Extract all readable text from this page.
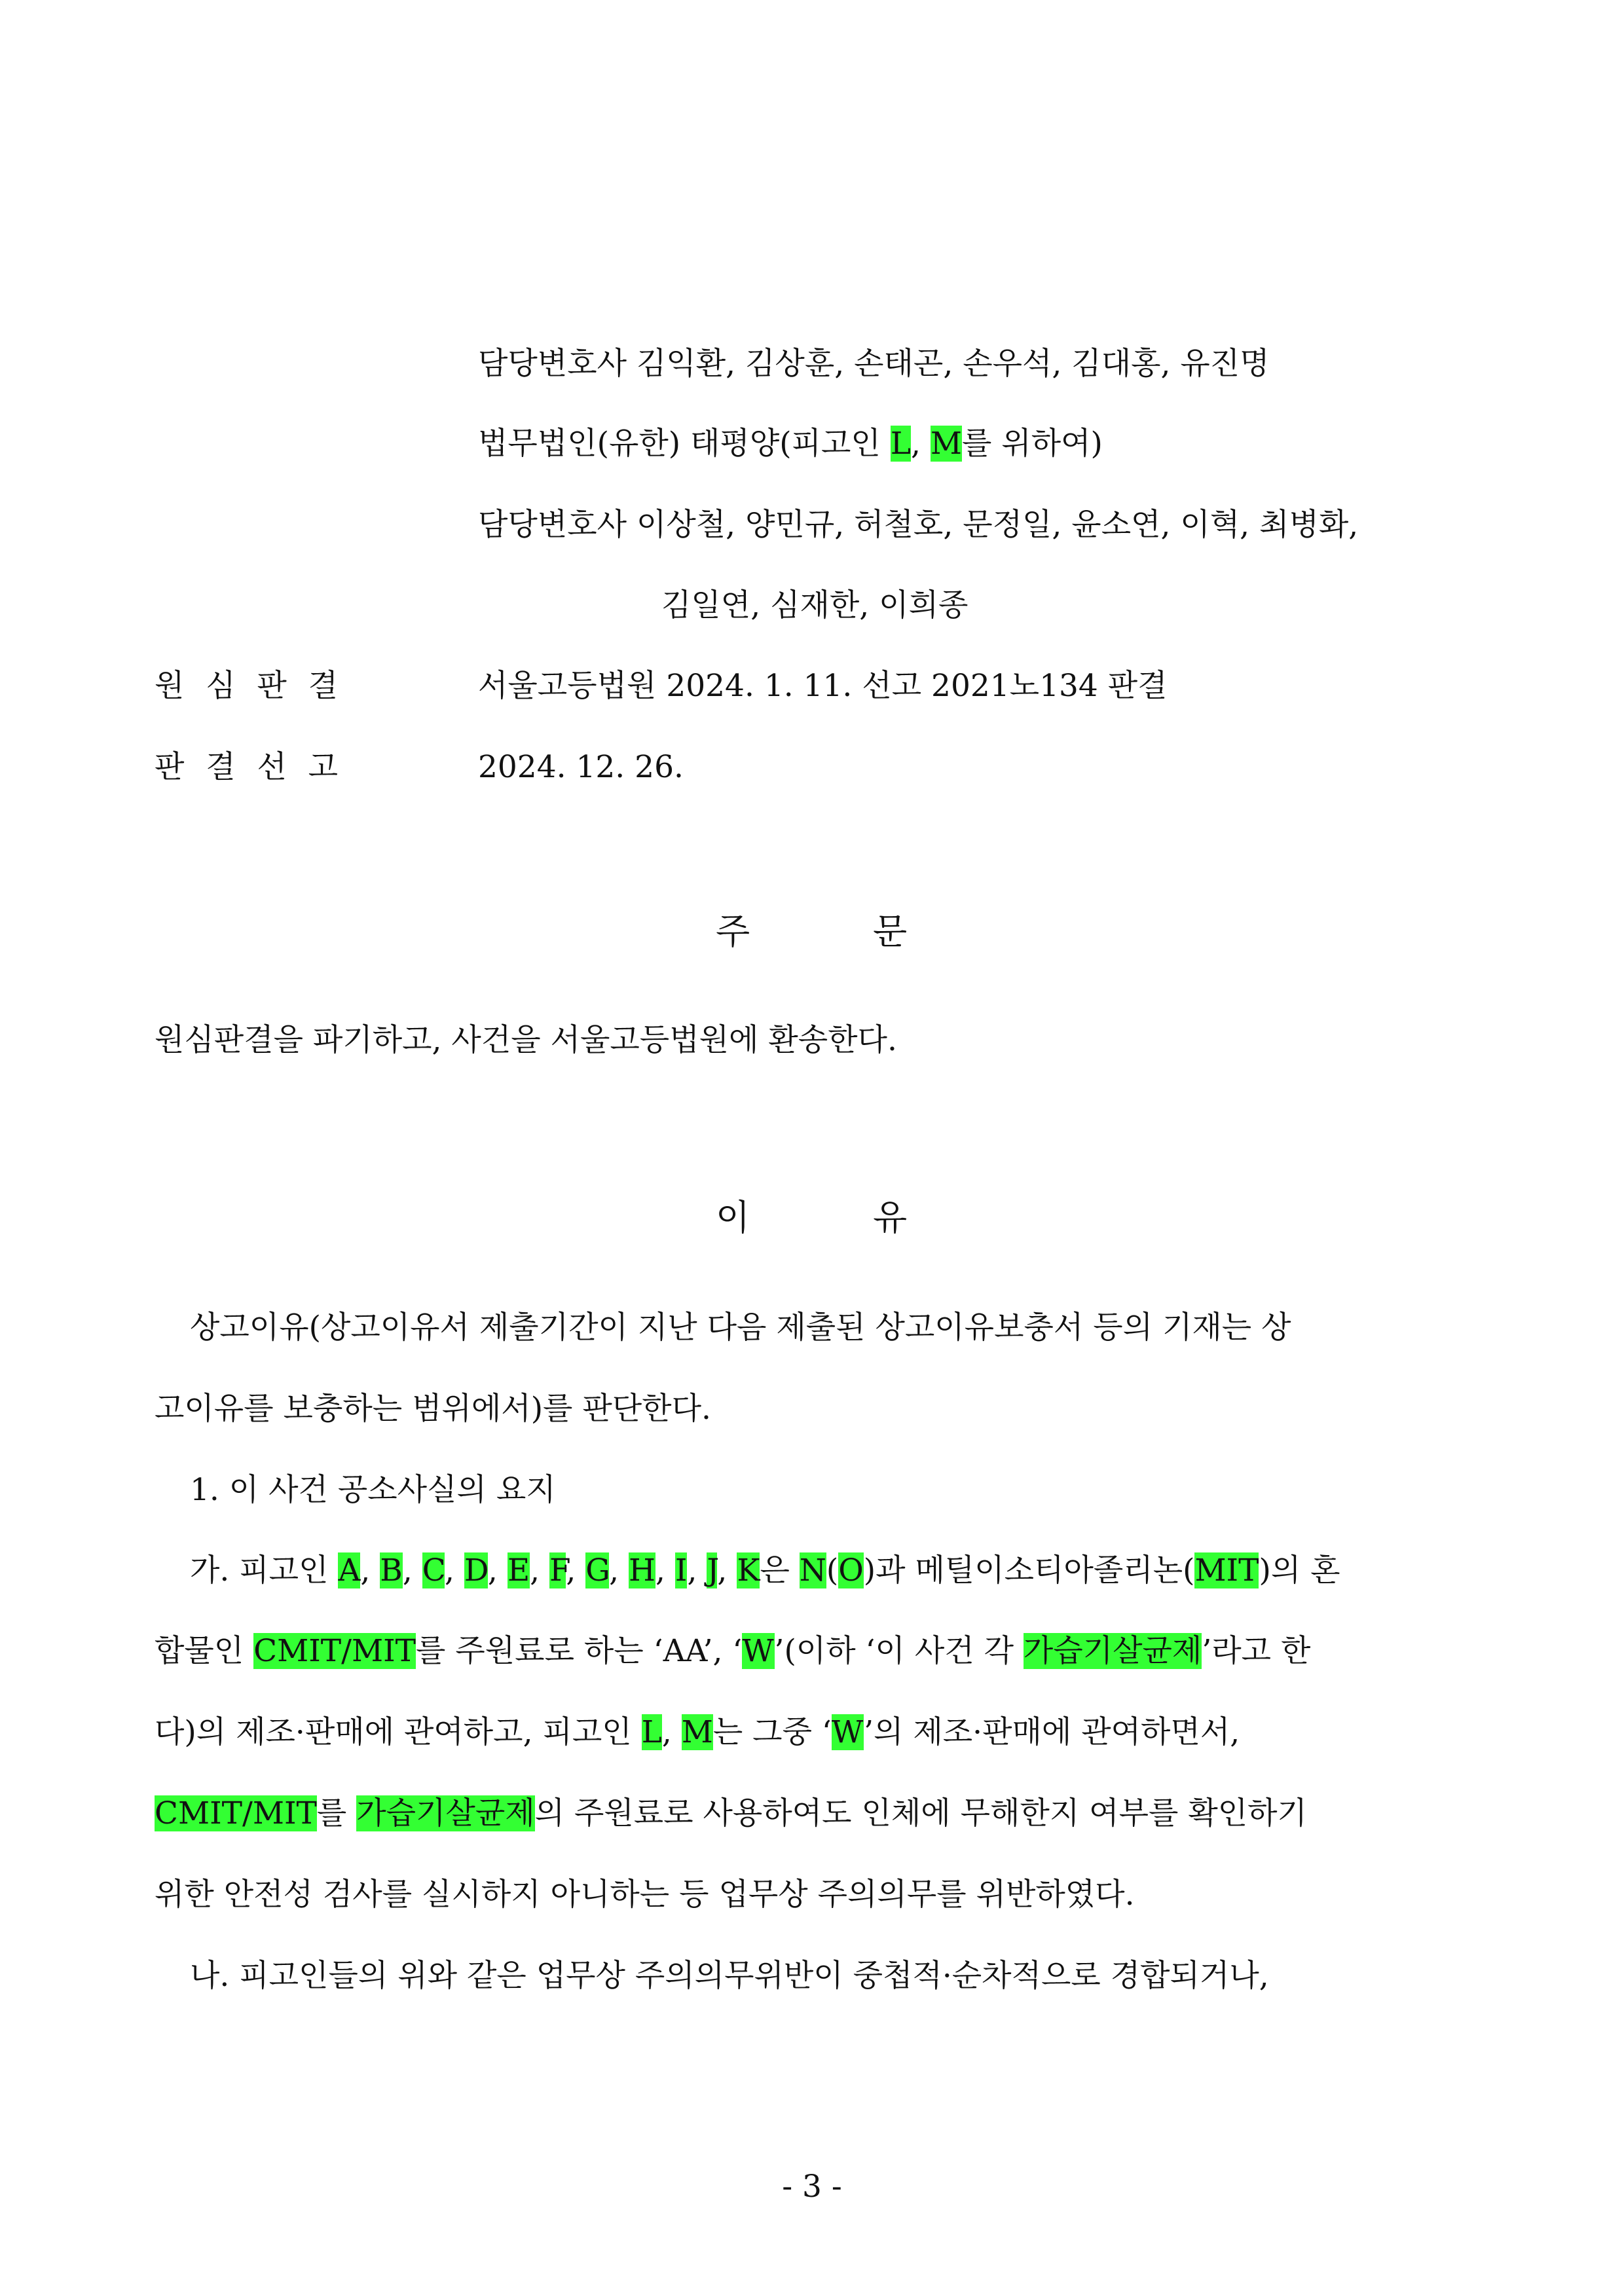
담당변호사 김익환, 김상훈, 손태곤, 손우석, 김대홍, 유진명
법무법인(유한) 태평양(피고인 L, M를 위하여)
담당변호사 이상철, 양민규, 허철호, 문정일, 윤소연, 이혁, 최병화,
김일연, 심재한, 이희종
원 심 판 결	서울고등법원 2024. 1. 11. 선고 2021노134 판결
판 결 선 고	2024. 12. 26.
주	문
원심판결을 파기하고, 사건을 서울고등법원에 환송한다.
이	유
상고이유(상고이유서 제출기간이 지난 다음 제출된 상고이유보충서 등의 기재는 상
고이유를 보충하는 범위에서)를 판단한다.
1. 이 사건 공소사실의 요지
가. 피고인 A, B, C, D, E, F, G, H, I, J, K은 N(O)과 메틸이소티아졸리논(MIT)의 혼
합물인 CMIT/MIT를 주원료로 하는 ‘AA’, ‘W’(이하 ‘이 사건 각 가습기살균제’라고 한
다)의 제조·판매에 관여하고, 피고인 L, M는 그중 ‘W’의 제조·판매에 관여하면서,
CMIT/MIT를 가습기살균제의 주원료로 사용하여도 인체에 무해한지 여부를 확인하기
위한 안전성 검사를 실시하지 아니하는 등 업무상 주의의무를 위반하였다.
나. 피고인들의 위와 같은 업무상 주의의무위반이 중첩적·순차적으로 경합되거나,
- 3 -
